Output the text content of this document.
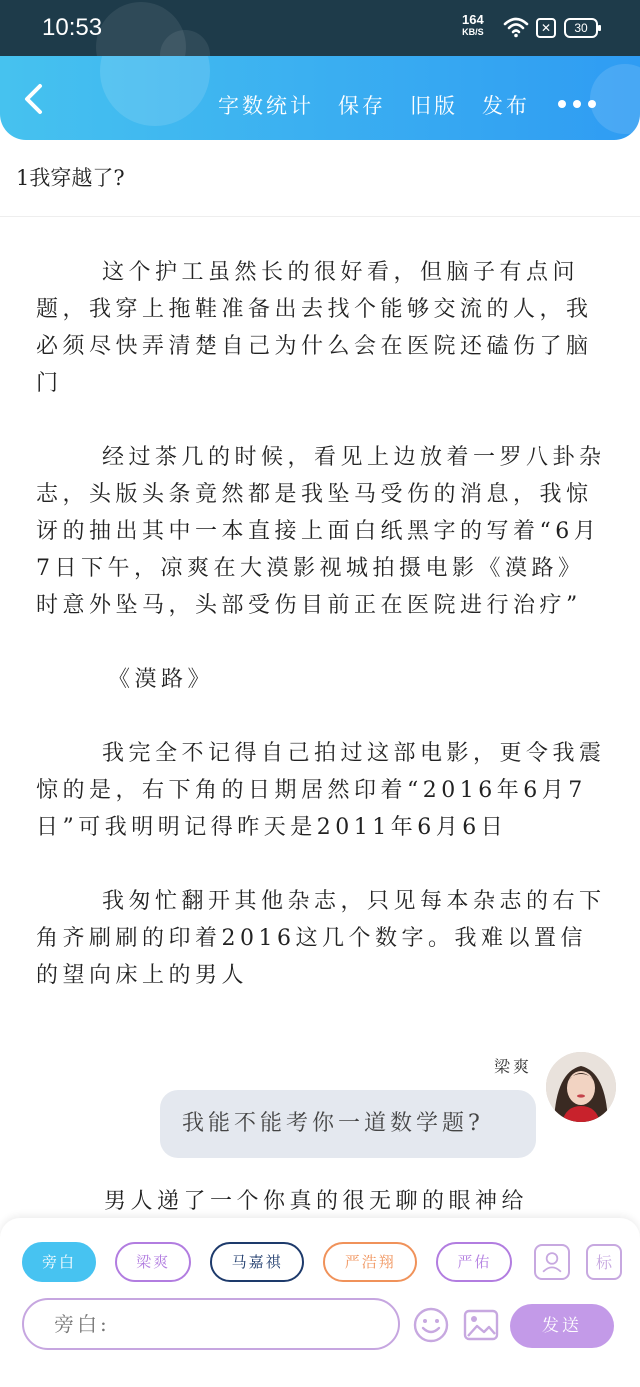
10:53	164
KB/S	✕	30
字数统计 保存 旧版 发布
1我穿越了?

这个护工虽然长的很好看，但脑子有点问题，我穿上拖鞋准备出去找个能够交流的人，我必须尽快弄清楚自己为什么会在医院还磕伤了脑门

经过茶几的时候，看见上边放着一罗八卦杂志，头版头条竟然都是我坠马受伤的消息，我惊讶的抽出其中一本直接上面白纸黑字的写着“6月7日下午，凉爽在大漠影视城拍摄电影《漠路》时意外坠马，头部受伤目前正在医院进行治疗”

《漠路》

我完全不记得自己拍过这部电影，更令我震惊的是，右下角的日期居然印着“2016年6月7日”可我明明记得昨天是2011年6月6日

我匆忙翻开其他杂志，只见每本杂志的右下角齐刷刷的印着2016这几个数字。我难以置信的望向床上的男人

梁爽
我能不能考你一道数学题?
男人递了一个你真的很无聊的眼神给
旁白	梁爽	马嘉祺	严浩翔	严佑	标
旁白:
发送
